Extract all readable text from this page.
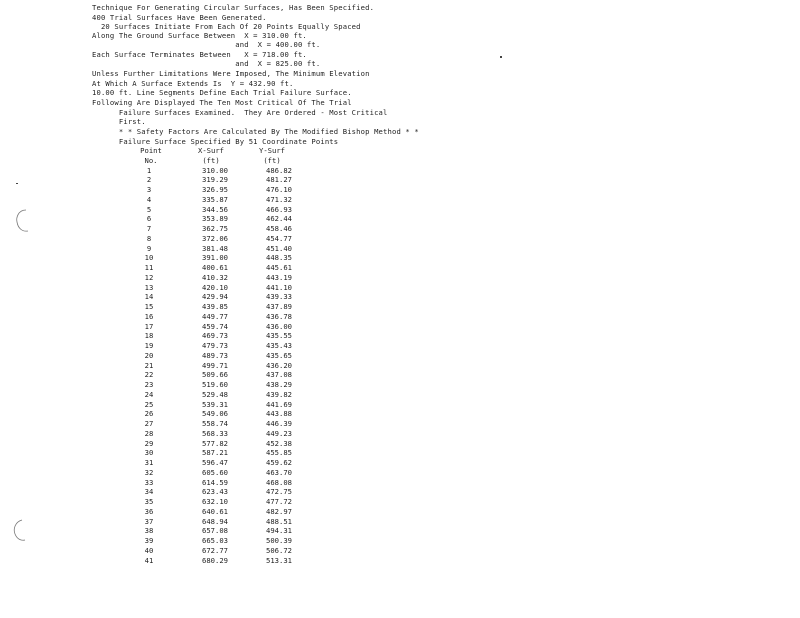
Technique For Generating Circular Surfaces, Has Been Specified.
400 Trial Surfaces Have Been Generated.
20 Surfaces Initiate From Each Of 20 Points Equally Spaced
Along The Ground Surface Between  X = 310.00 ft.
and  X = 400.00 ft.
Each Surface Terminates Between   X = 718.00 ft.
and  X = 825.00 ft.
Unless Further Limitations Were Imposed, The Minimum Elevation
At Which A Surface Extends Is  Y = 432.90 ft.
10.00 ft. Line Segments Define Each Trial Failure Surface.
Following Are Displayed The Ten Most Critical Of The Trial
Failure Surfaces Examined.  They Are Ordered - Most Critical
First.
* * Safety Factors Are Calculated By The Modified Bishop Method * *
Failure Surface Specified By 51 Coordinate Points
Point	X-Surf	Y-Surf
No.	(ft)	(ft)
1	310.00	486.82
2	319.29	481.27
3	326.95	476.10
4	335.87	471.32
5	344.56	466.93
6	353.89	462.44
7	362.75	458.46
8	372.06	454.77
9	381.48	451.40
10	391.00	448.35
11	400.61	445.61
12	410.32	443.19
13	420.10	441.10
14	429.94	439.33
15	439.85	437.89
16	449.77	436.78
17	459.74	436.00
18	469.73	435.55
19	479.73	435.43
20	489.73	435.65
21	499.71	436.20
22	509.66	437.08
23	519.60	438.29
24	529.48	439.82
25	539.31	441.69
26	549.06	443.88
27	558.74	446.39
28	568.33	449.23
29	577.82	452.38
30	587.21	455.85
31	596.47	459.62
32	605.60	463.70
33	614.59	468.08
34	623.43	472.75
35	632.10	477.72
36	640.61	482.97
37	648.94	488.51
38	657.08	494.31
39	665.03	500.39
40	672.77	506.72
41	680.29	513.31
